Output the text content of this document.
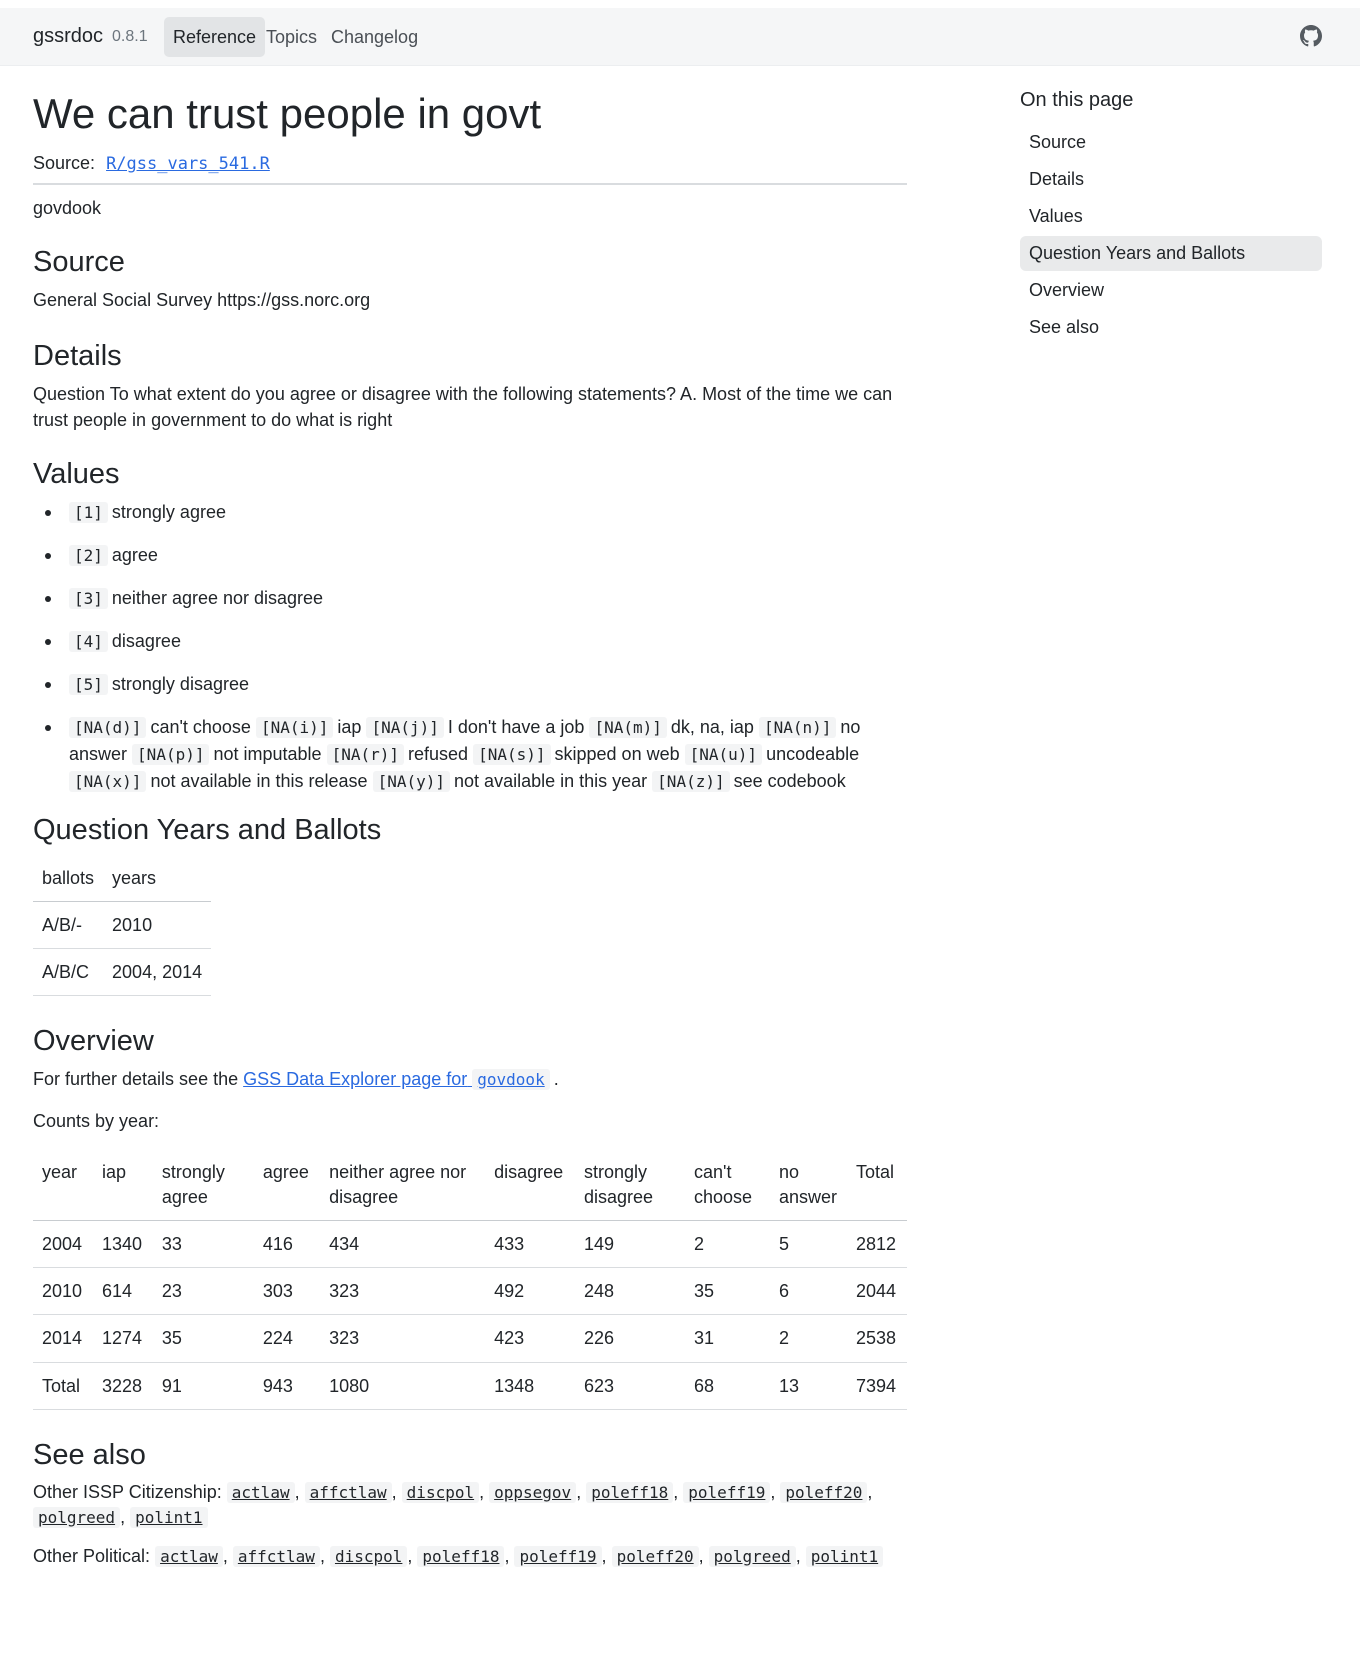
gssrdoc 0.8.1	Reference Topics Changelog
We can trust people in govt
Source: R/gss_vars_541.R

govdook

Source

General Social Survey https://gss.norc.org

Details

Question To what extent do you agree or disagree with the following statements? A. Most of the time we can trust people in government to do what is right

Values
[1] strongly agree
[2] agree
[3] neither agree nor disagree
[4] disagree
[5] strongly disagree
[NA(d)] can't choose [NA(i)] iap [NA(j)] I don't have a job [NA(m)] dk, na, iap [NA(n)] no answer [NA(p)] not imputable [NA(r)] refused [NA(s)] skipped on web [NA(u)] uncodeable [NA(x)] not available in this release [NA(y)] not available in this year [NA(z)] see codebook
Question Years and Ballots
ballots	years
A/B/-	2010
A/B/C	2004, 2014
Overview

For further details see the GSS Data Explorer page for govdook .

Counts by year:

year	iap	strongly agree	agree	neither agree nor disagree	disagree	strongly disagree	can't choose	no answer	Total
2004	1340	33	416	434	433	149	2	5	2812
2010	614	23	303	323	492	248	35	6	2044
2014	1274	35	224	323	423	226	31	2	2538
Total	3228	91	943	1080	1348	623	68	13	7394
See also

Other ISSP Citizenship: actlaw , affctlaw , discpol , oppsegov , poleff18 , poleff19 , poleff20 , polgreed , polint1

Other Political: actlaw , affctlaw , discpol , poleff18 , poleff19 , poleff20 , polgreed , polint1

On this page
Source
Details
Values
Question Years and Ballots
Overview
See also
